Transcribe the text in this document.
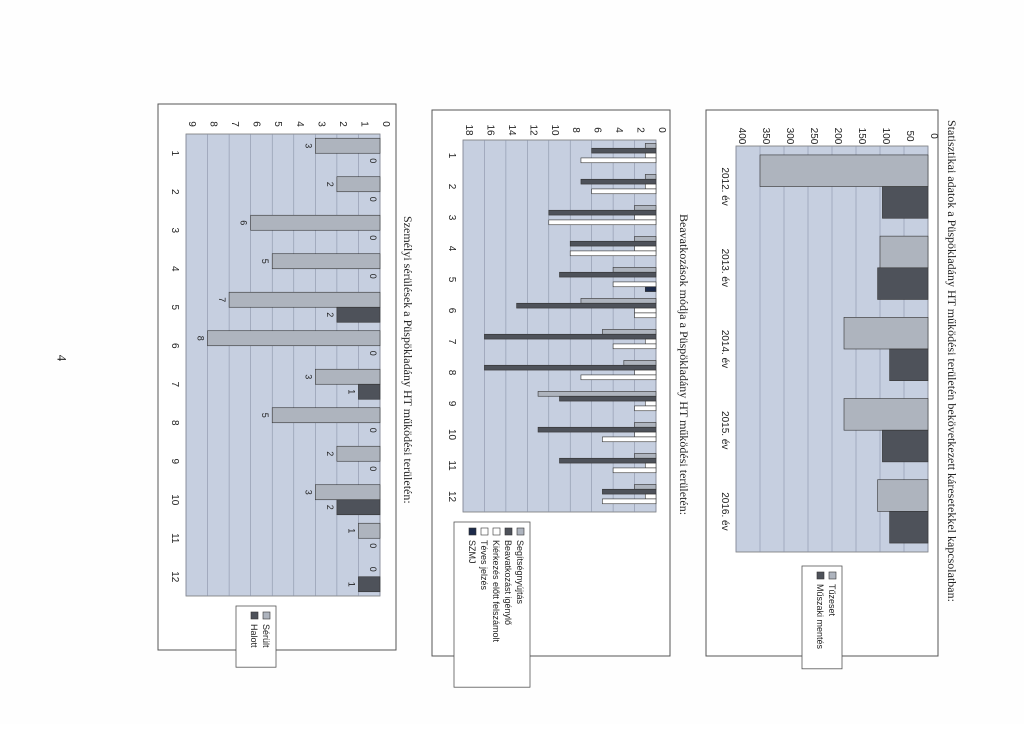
4
0
50
100
150
200
250
300
350
400
2012. év
2013. év
2014. év
2015. év
2016. év	Statisztikai adatok a Püspökladány HT működési területén bekövetkezett káresetekkel kapcsolatban:
Tűzeset
Műszaki mentés
0
2
4
6
8
10
12
14
16
18
1
2
3
4
5
6
7
8
9
10
11
12	Beavatkozások módja a Püspökladány HT működési területén:
Segítségnyújtás
Beavatkozást igénylő
Kiérkezés előtt felszámolt
Téves jelzés
SZMJ
0
1
2
3
4
5
6
7
8
9
1
3
0
2
2
0
3
6
0
4
5
0
5
7
2
6
8
0
7
3
1
8
5
0
9
2
0
10
3
2
11
1
0
12
0
1
Személyi sérülések a Püspökladány HT működési területén:
Sérült
Halott
